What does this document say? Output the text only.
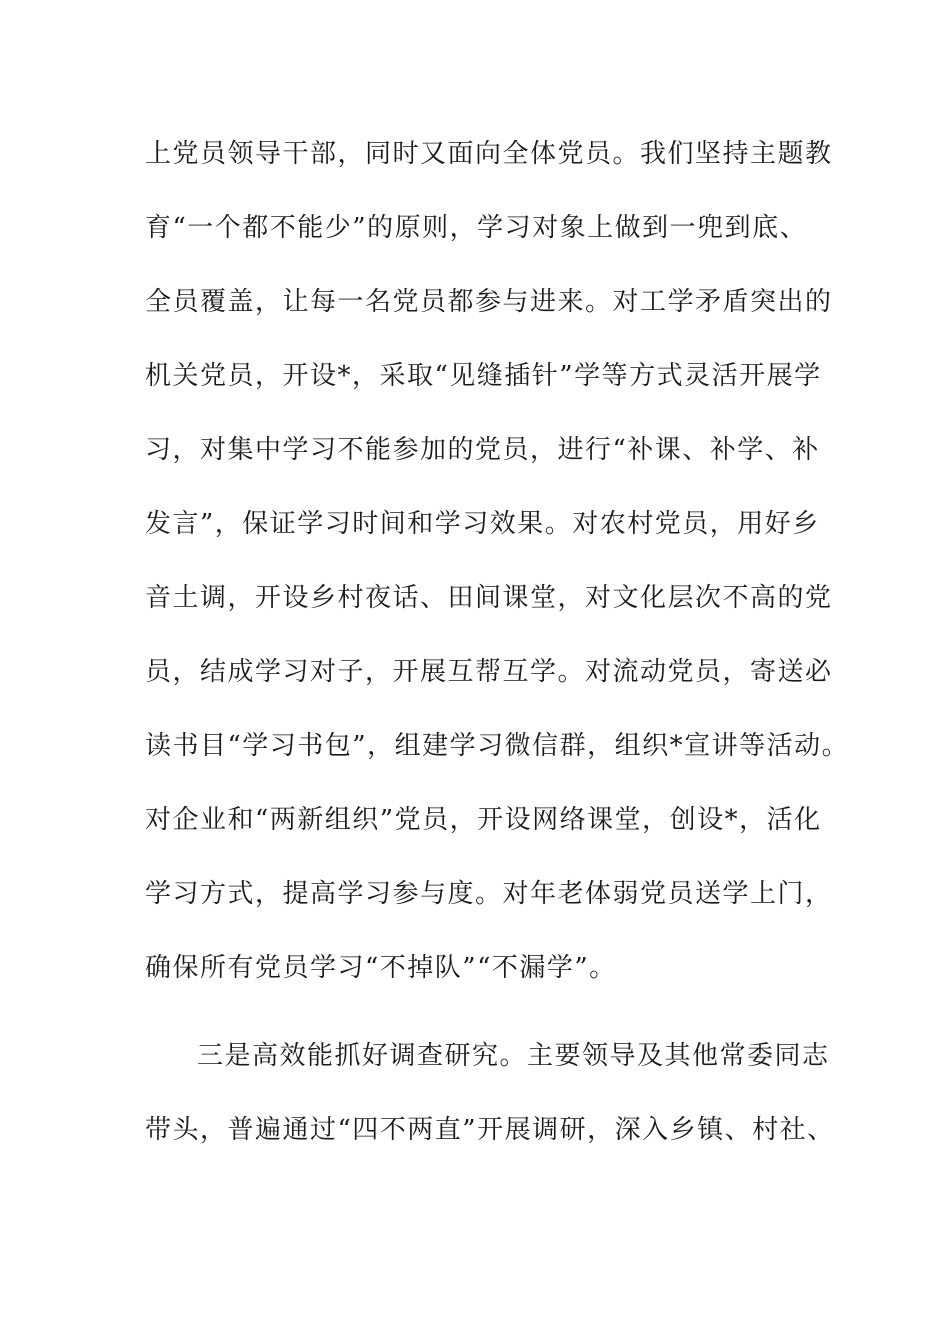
上党员领导干部，同时又面向全体党员。我们坚持主题教
育“一个都不能少”的原则，学习对象上做到一兜到底、
全员覆盖，让每一名党员都参与进来。对工学矛盾突出的
机关党员，开设*，采取“见缝插针”学等方式灵活开展学
习，对集中学习不能参加的党员，进行“补课、补学、补
发言”，保证学习时间和学习效果。对农村党员，用好乡
音土调，开设乡村夜话、田间课堂，对文化层次不高的党
员，结成学习对子，开展互帮互学。对流动党员，寄送必
读书目“学习书包”，组建学习微信群，组织*宣讲等活动。
对企业和“两新组织”党员，开设网络课堂，创设*，活化
学习方式，提高学习参与度。对年老体弱党员送学上门，
确保所有党员学习“不掉队”“不漏学”。
三是高效能抓好调查研究。主要领导及其他常委同志
带头，普遍通过“四不两直”开展调研，深入乡镇、村社、
